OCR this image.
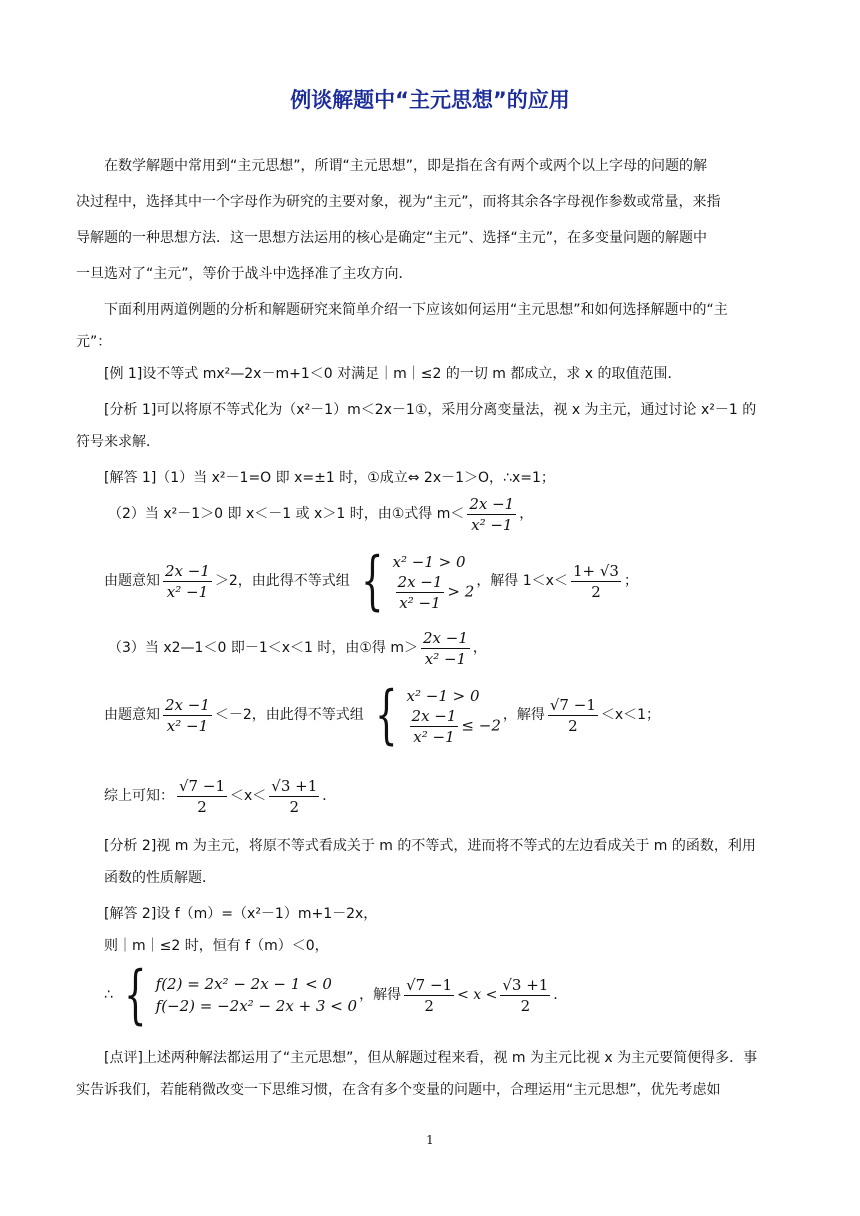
例谈解题中“主元思想”的应用
在数学解题中常用到“主元思想”，所谓“主元思想”，即是指在含有两个或两个以上字母的问题的解
决过程中，选择其中一个字母作为研究的主要对象，视为“主元”，而将其余各字母视作参数或常量，来指
导解题的一种思想方法．这一思想方法运用的核心是确定“主元”、选择“主元”，在多变量问题的解题中
一旦选对了“主元”，等价于战斗中选择准了主攻方向．
下面利用两道例题的分析和解题研究来简单介绍一下应该如何运用“主元思想”和如何选择解题中的“主
元”：
[例 1]设不等式 mx²—2x－m+1＜0 对满足｜m｜≤2 的一切 m 都成立，求 x 的取值范围．
[分析 1]可以将原不等式化为（x²－1）m＜2x－1①，采用分离变量法，视 x 为主元，通过讨论 x²－1 的
符号来求解．
[解答 1]（1）当 x²－1=O 即 x=±1 时，①成立⇔ 2x－1＞O，∴x=1；
（2）当 x²－1＞0 即 x＜－1 或 x＞1 时，由①式得 $m< \frac{2x -1}{\text{x² −1}}$ ，
由题意知 $\frac{2x -1}{\text{x² −1}} >2$，由此得不等式组 { x² −1 > 0
$\frac{2x -1}{\text{x² −1}} > 2$
，解得 $1<x< \frac{1+ √3}{2}$ ；
（3）当 x2—1＜0 即－1＜x＜1 时，由①得 $m> \frac{2x -1}{\text{x² −1}}$ ，
由题意知 $\frac{2x -1}{\text{x² −1}} <-2$，由此得不等式组 { x² −1 > 0
$\frac{2x -1}{\text{x² −1}} \le -2$
，解得 $\frac{√7 -1}{2} <x<1$；
综上可知： $\frac{√7 -1}{2} <x< \frac{√3 +1}{2}$ ．
[分析 2]视 m 为主元，将原不等式看成关于 m 的不等式，进而将不等式的左边看成关于 m 的函数，利用
函数的性质解题．
[解答 2]设 f（m）=（x²－1）m+1－2x，
则｜m｜≤2 时，恒有 f（m）＜0，
∴ { f(2) = 2x² − 2x − 1 < 0
f(−2) = −2x² − 2x + 3 < 0
，解得 $\frac{√7 -1}{2} < x < \frac{√3 +1}{2}$ ．
[点评]上述两种解法都运用了“主元思想”，但从解题过程来看，视 m 为主元比视 x 为主元要简便得多．事
实告诉我们，若能稍微改变一下思维习惯，在含有多个变量的问题中，合理运用“主元思想”，优先考虑如
1
